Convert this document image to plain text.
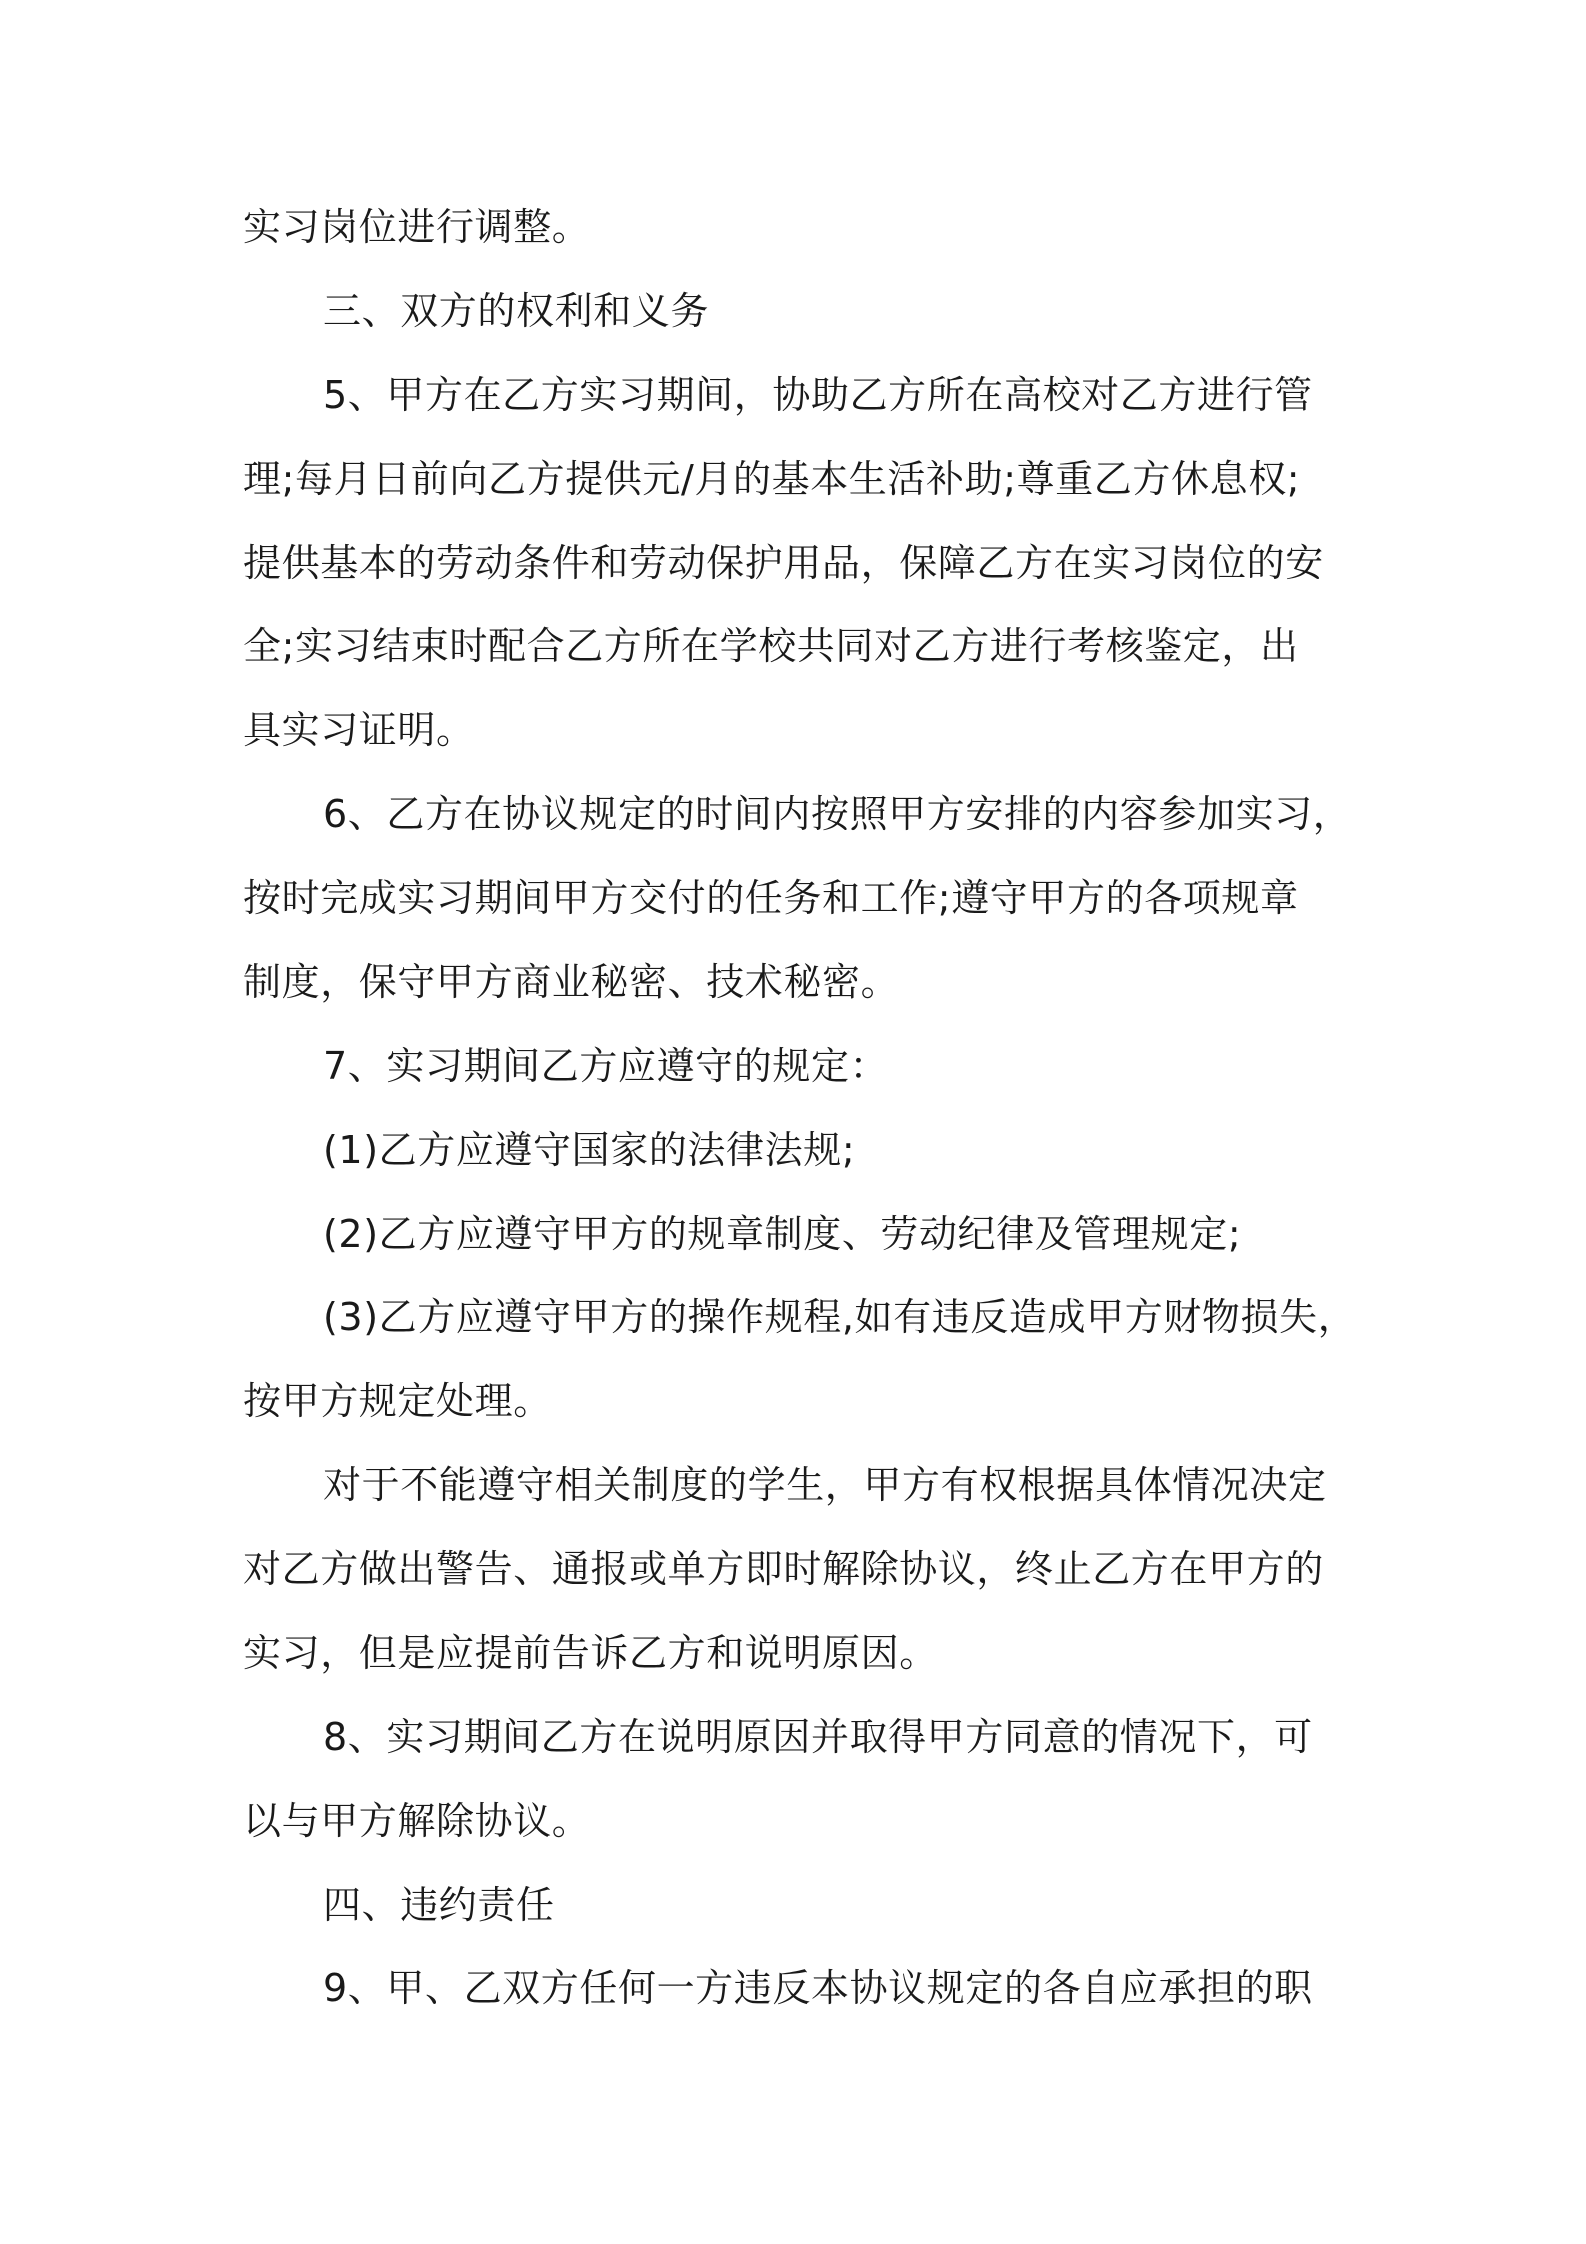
实习岗位进行调整。
三、双方的权利和义务
5、甲方在乙方实习期间，协助乙方所在高校对乙方进行管
理;每月日前向乙方提供元/月的基本生活补助;尊重乙方休息权;
提供基本的劳动条件和劳动保护用品，保障乙方在实习岗位的安
全;实习结束时配合乙方所在学校共同对乙方进行考核鉴定，出
具实习证明。
6、乙方在协议规定的时间内按照甲方安排的内容参加实习，
按时完成实习期间甲方交付的任务和工作;遵守甲方的各项规章
制度，保守甲方商业秘密、技术秘密。
7、实习期间乙方应遵守的规定：
(1)乙方应遵守国家的法律法规;
(2)乙方应遵守甲方的规章制度、劳动纪律及管理规定;
(3)乙方应遵守甲方的操作规程,如有违反造成甲方财物损失，
按甲方规定处理。
对于不能遵守相关制度的学生，甲方有权根据具体情况决定
对乙方做出警告、通报或单方即时解除协议，终止乙方在甲方的
实习，但是应提前告诉乙方和说明原因。
8、实习期间乙方在说明原因并取得甲方同意的情况下，可
以与甲方解除协议。
四、违约责任
9、甲、乙双方任何一方违反本协议规定的各自应承担的职
